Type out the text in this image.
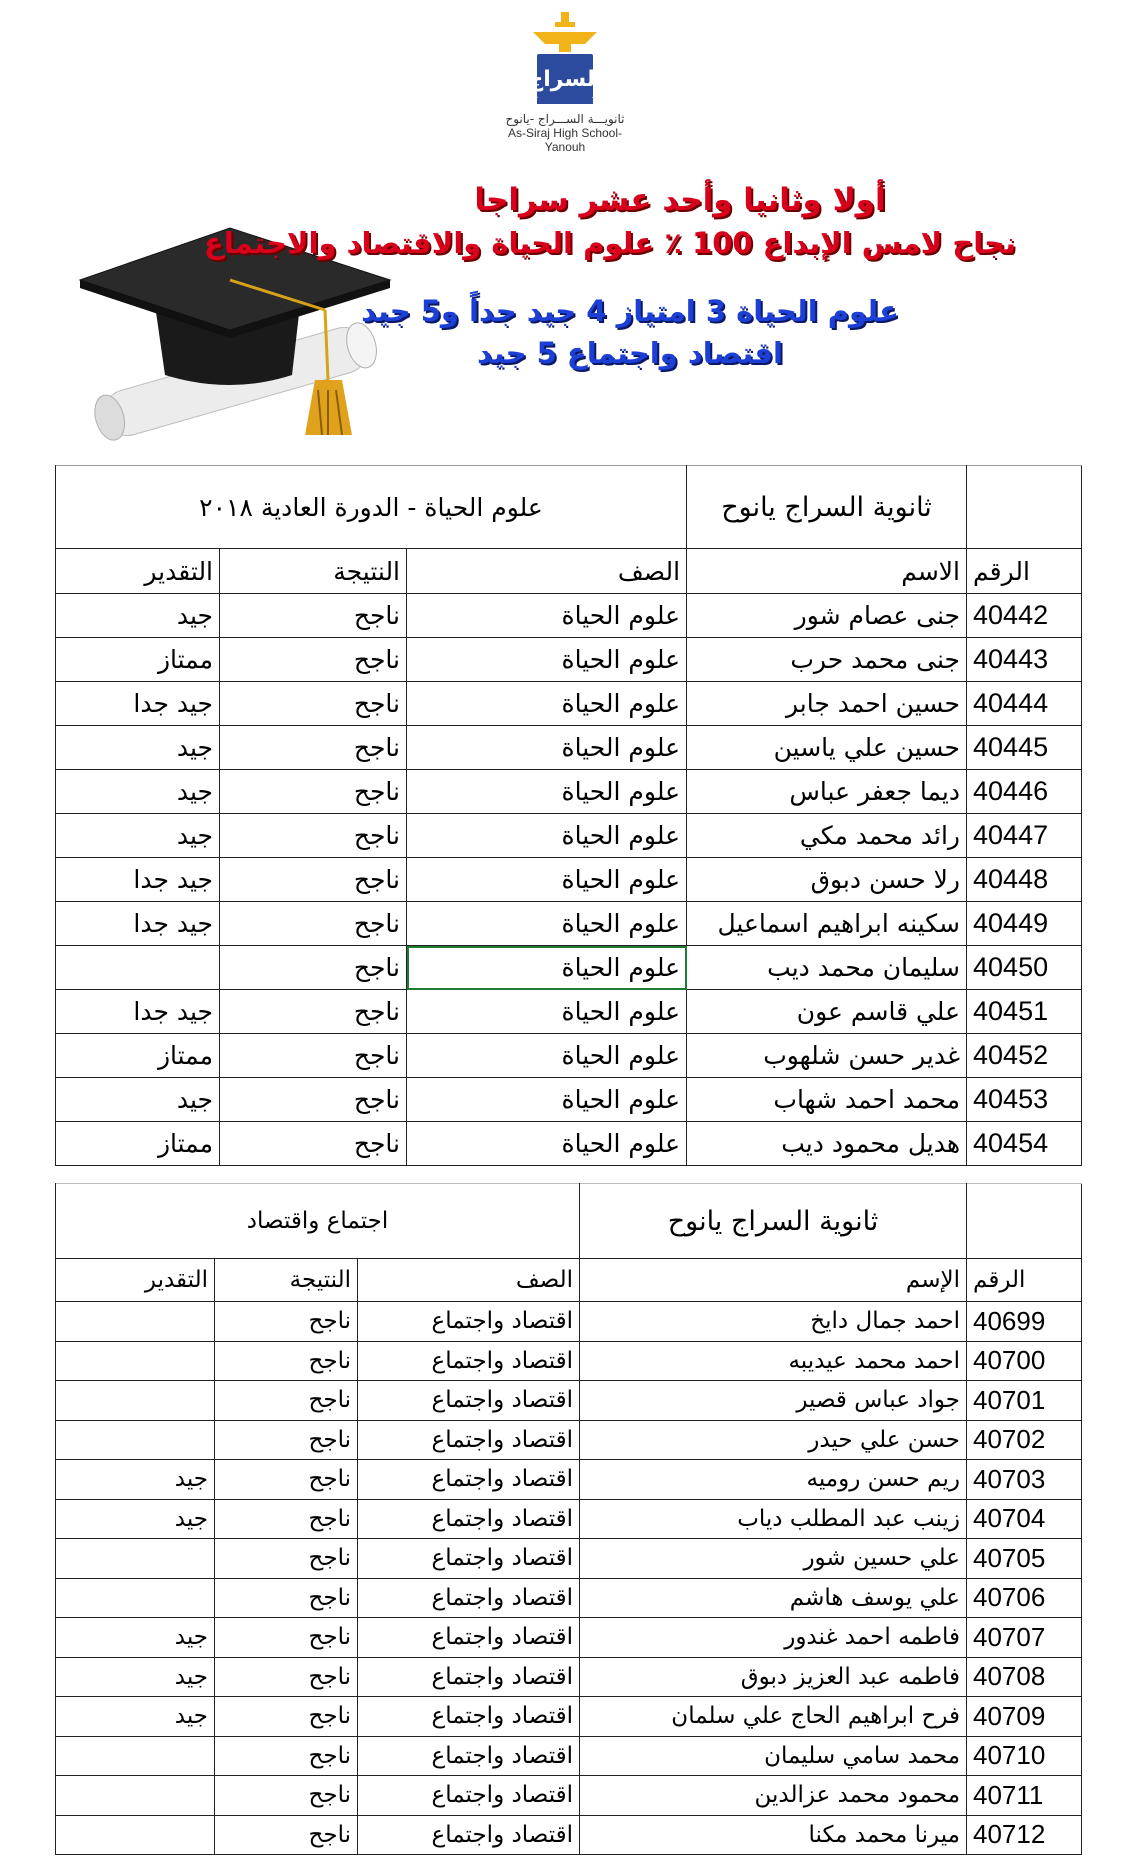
السراج
ثانويـــة الســـراج -يانوح
As-Siraj High School-Yanouh
أولا وثانيا وأحد عشر سراجا
نجاح لامس الإبداع 100 ٪ علوم الحياة والاقتصاد والاجتماع
علوم الحياة 3 امتياز 4 جيد جداً و5 جيد
اقتصاد واجتماع 5 جيد
	ثانوية السراج يانوح	علوم الحياة - الدورة العادية ٢٠١٨		
الرقم	الاسم	الصف	النتيجة	التقدير
40442	جنى عصام شور	علوم الحياة	ناجح	جيد
40443	جنى محمد حرب	علوم الحياة	ناجح	ممتاز
40444	حسين احمد جابر	علوم الحياة	ناجح	جيد جدا
40445	حسين علي ياسين	علوم الحياة	ناجح	جيد
40446	ديما جعفر عباس	علوم الحياة	ناجح	جيد
40447	رائد محمد مكي	علوم الحياة	ناجح	جيد
40448	رلا حسن دبوق	علوم الحياة	ناجح	جيد جدا
40449	سكينه ابراهيم اسماعيل	علوم الحياة	ناجح	جيد جدا
40450	سليمان محمد ديب	علوم الحياة	ناجح	
40451	علي قاسم عون	علوم الحياة	ناجح	جيد جدا
40452	غدير حسن شلهوب	علوم الحياة	ناجح	ممتاز
40453	محمد احمد شهاب	علوم الحياة	ناجح	جيد
40454	هديل محمود ديب	علوم الحياة	ناجح	ممتاز
	ثانوية السراج يانوح	اجتماع واقتصاد		
الرقم	الإسم	الصف	النتيجة	التقدير
40699	احمد جمال دايخ	اقتصاد واجتماع	ناجح	
40700	احمد محمد عيديبه	اقتصاد واجتماع	ناجح	
40701	جواد عباس قصير	اقتصاد واجتماع	ناجح	
40702	حسن علي حيدر	اقتصاد واجتماع	ناجح	
40703	ريم حسن روميه	اقتصاد واجتماع	ناجح	جيد
40704	زينب عبد المطلب دياب	اقتصاد واجتماع	ناجح	جيد
40705	علي حسين شور	اقتصاد واجتماع	ناجح	
40706	علي يوسف هاشم	اقتصاد واجتماع	ناجح	
40707	فاطمه احمد غندور	اقتصاد واجتماع	ناجح	جيد
40708	فاطمه عبد العزيز دبوق	اقتصاد واجتماع	ناجح	جيد
40709	فرح ابراهيم الحاج علي سلمان	اقتصاد واجتماع	ناجح	جيد
40710	محمد سامي سليمان	اقتصاد واجتماع	ناجح	
40711	محمود محمد عزالدين	اقتصاد واجتماع	ناجح	
40712	ميرنا محمد مكنا	اقتصاد واجتماع	ناجح	
